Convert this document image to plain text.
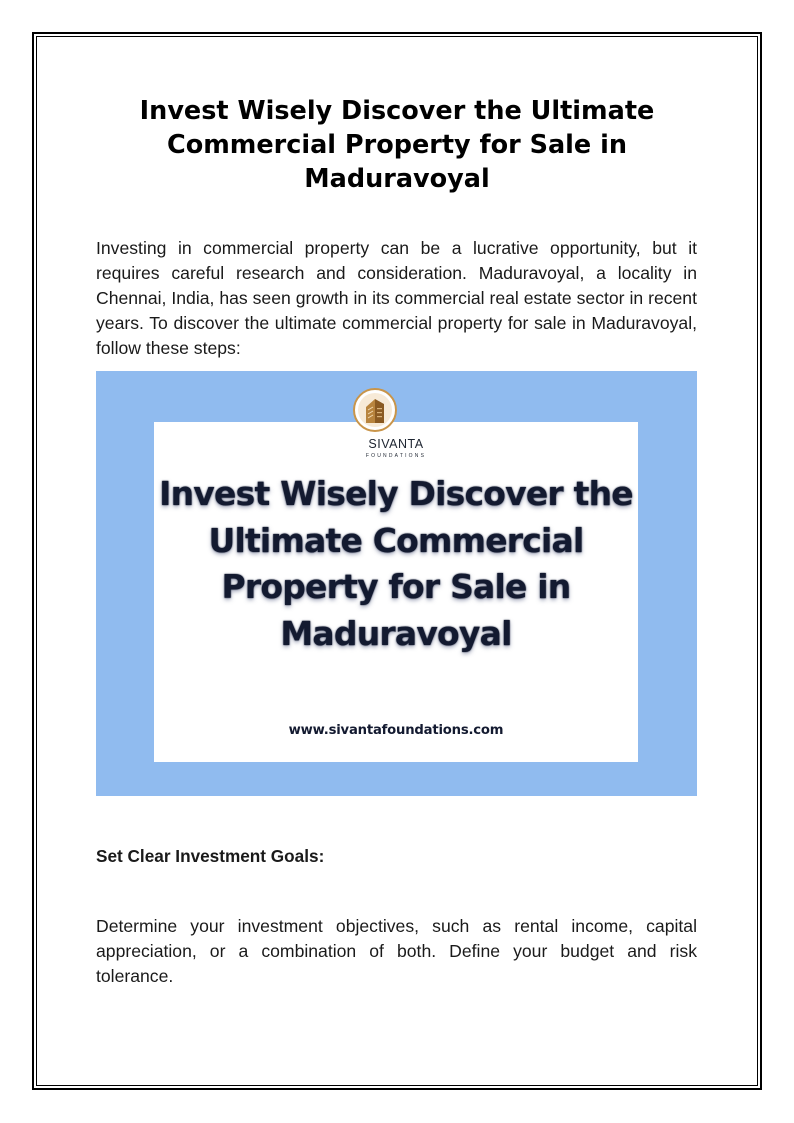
Invest Wisely Discover the Ultimate Commercial Property for Sale in Maduravoyal

Investing in commercial property can be a lucrative opportunity, but it requires careful research and consideration. Maduravoyal, a locality in Chennai, India, has seen growth in its commercial real estate sector in recent years. To discover the ultimate commercial property for sale in Maduravoyal, follow these steps:

SIVANTA

FOUNDATIONS

Invest Wisely Discover the Ultimate Commercial Property for Sale in Maduravoyal

www.sivantafoundations.com

Set Clear Investment Goals:

Determine your investment objectives, such as rental income, capital appreciation, or a combination of both. Define your budget and risk tolerance.
